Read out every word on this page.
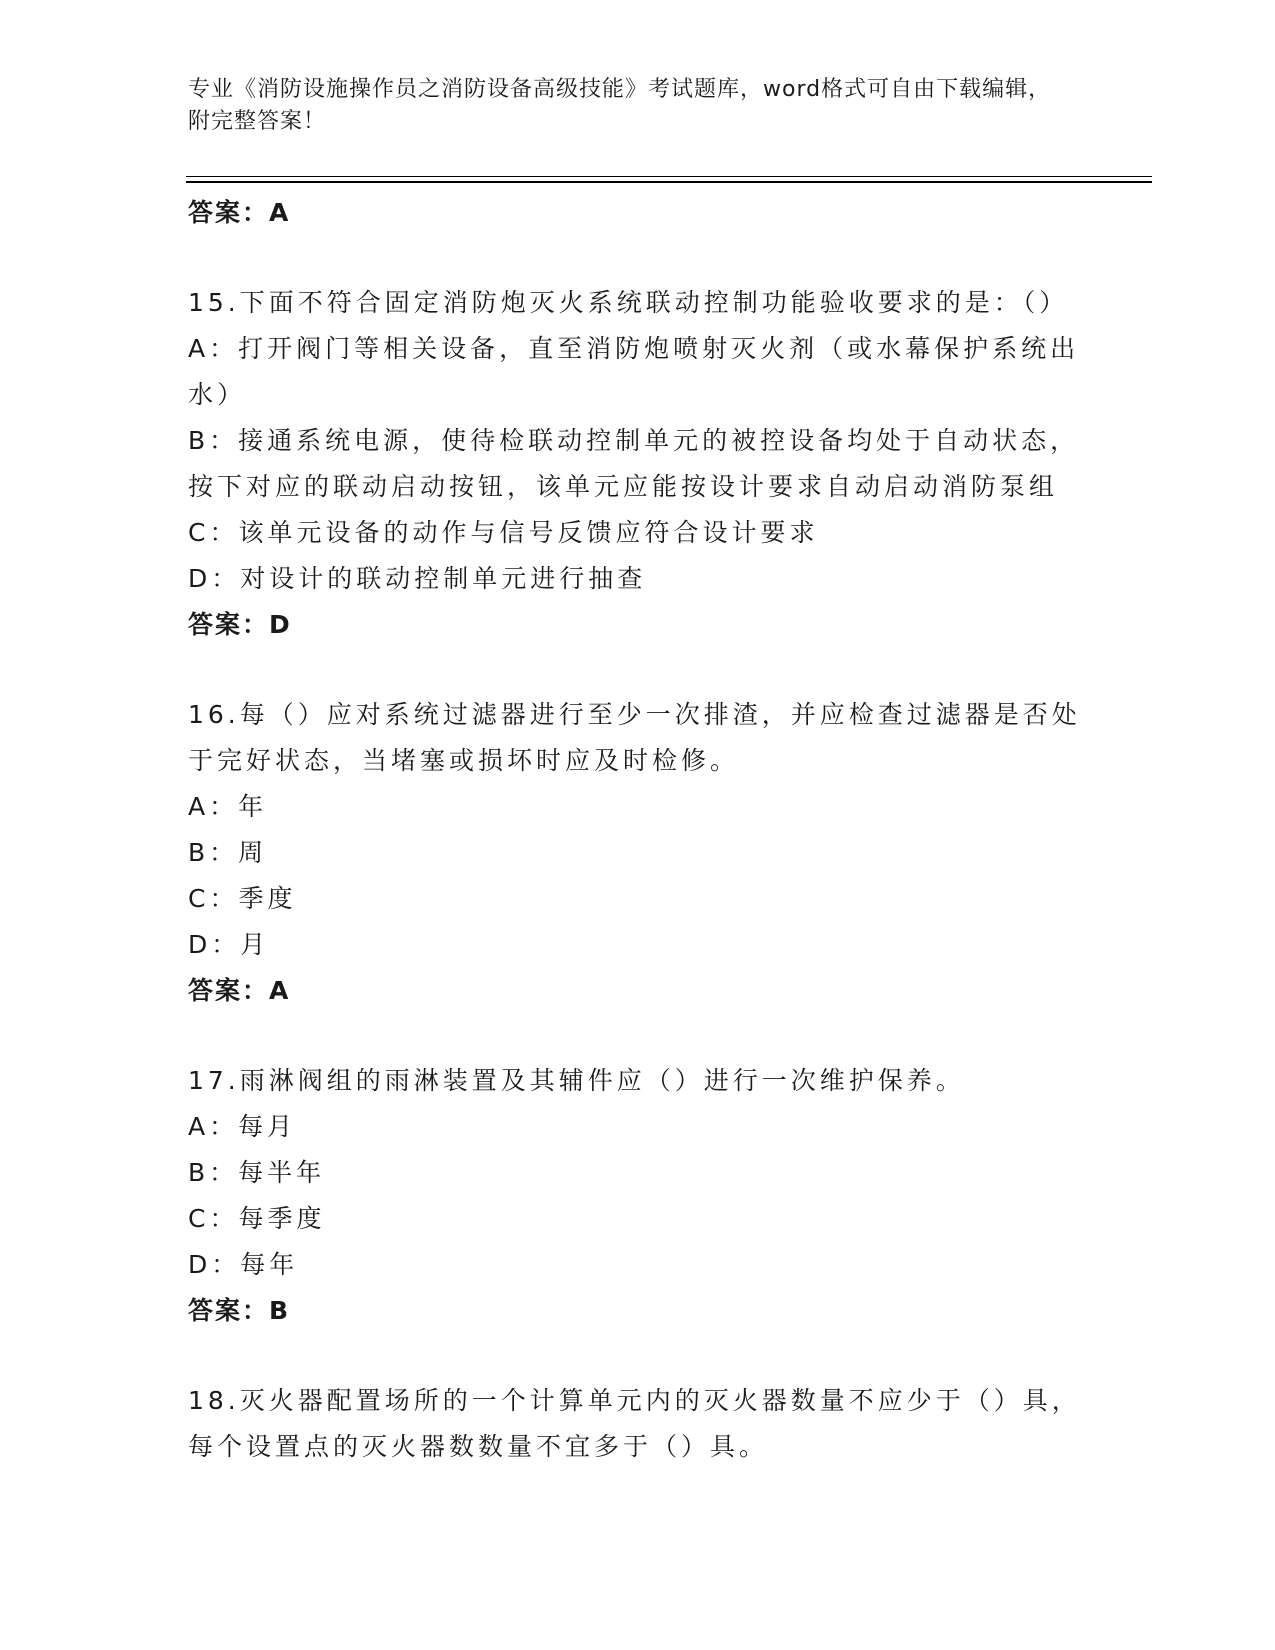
专业《消防设施操作员之消防设备高级技能》考试题库，word格式可自由下载编辑，附完整答案！
答案：A

15.下面不符合固定消防炮灭火系统联动控制功能验收要求的是：（）

A：打开阀门等相关设备，直至消防炮喷射灭火剂（或水幕保护系统出水）

B：接通系统电源，使待检联动控制单元的被控设备均处于自动状态，按下对应的联动启动按钮，该单元应能按设计要求自动启动消防泵组

C：该单元设备的动作与信号反馈应符合设计要求

D：对设计的联动控制单元进行抽查

答案：D

16.每（）应对系统过滤器进行至少一次排渣，并应检查过滤器是否处于完好状态，当堵塞或损坏时应及时检修。

A：年

B：周

C：季度

D：月

答案：A

17.雨淋阀组的雨淋装置及其辅件应（）进行一次维护保养。

A：每月

B：每半年

C：每季度

D：每年

答案：B

18.灭火器配置场所的一个计算单元内的灭火器数量不应少于（）具，每个设置点的灭火器数数量不宜多于（）具。
